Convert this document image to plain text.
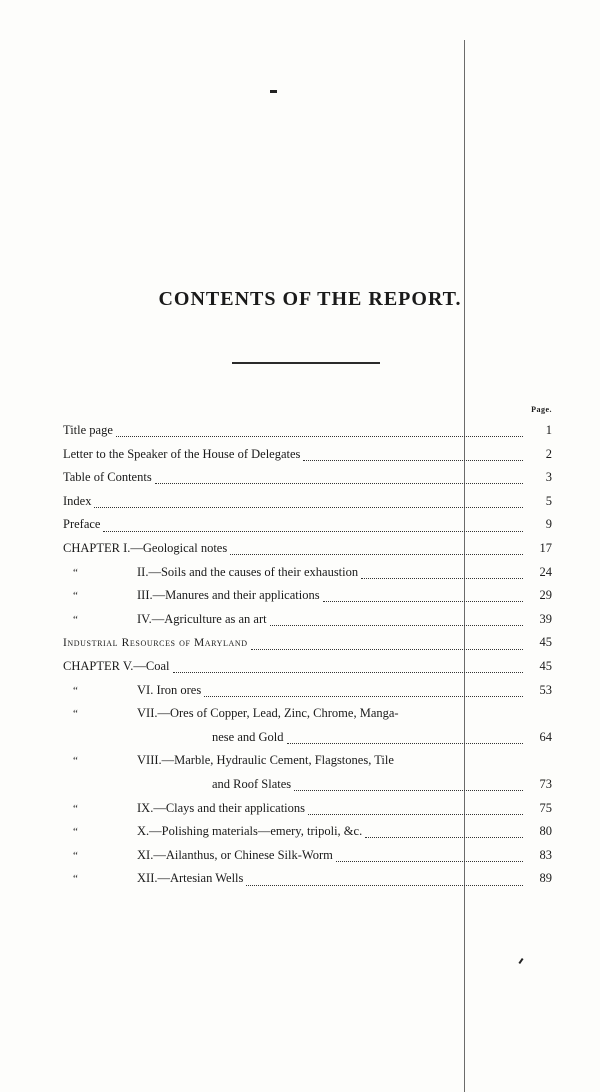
CONTENTS OF THE REPORT.
Page.
Title page	1
Letter to the Speaker of the House of Delegates	2
Table of Contents	3
Index	5
Preface	9
CHAPTER I.—Geological notes	17
“	II.—Soils and the causes of their exhaustion	24
“	III.—Manures and their applications	29
“	IV.—Agriculture as an art	39
Industrial Resources of Maryland	45
CHAPTER V.—Coal	45
“	VI. Iron ores	53
“	VII.—Ores of Copper, Lead, Zinc, Chrome, Manga-
nese and Gold	64
“	VIII.—Marble, Hydraulic Cement, Flagstones, Tile
and Roof Slates	73
“	IX.—Clays and their applications	75
“	X.—Polishing materials—emery, tripoli, &c.	80
“	XI.—Ailanthus, or Chinese Silk-Worm	83
“	XII.—Artesian Wells	89
